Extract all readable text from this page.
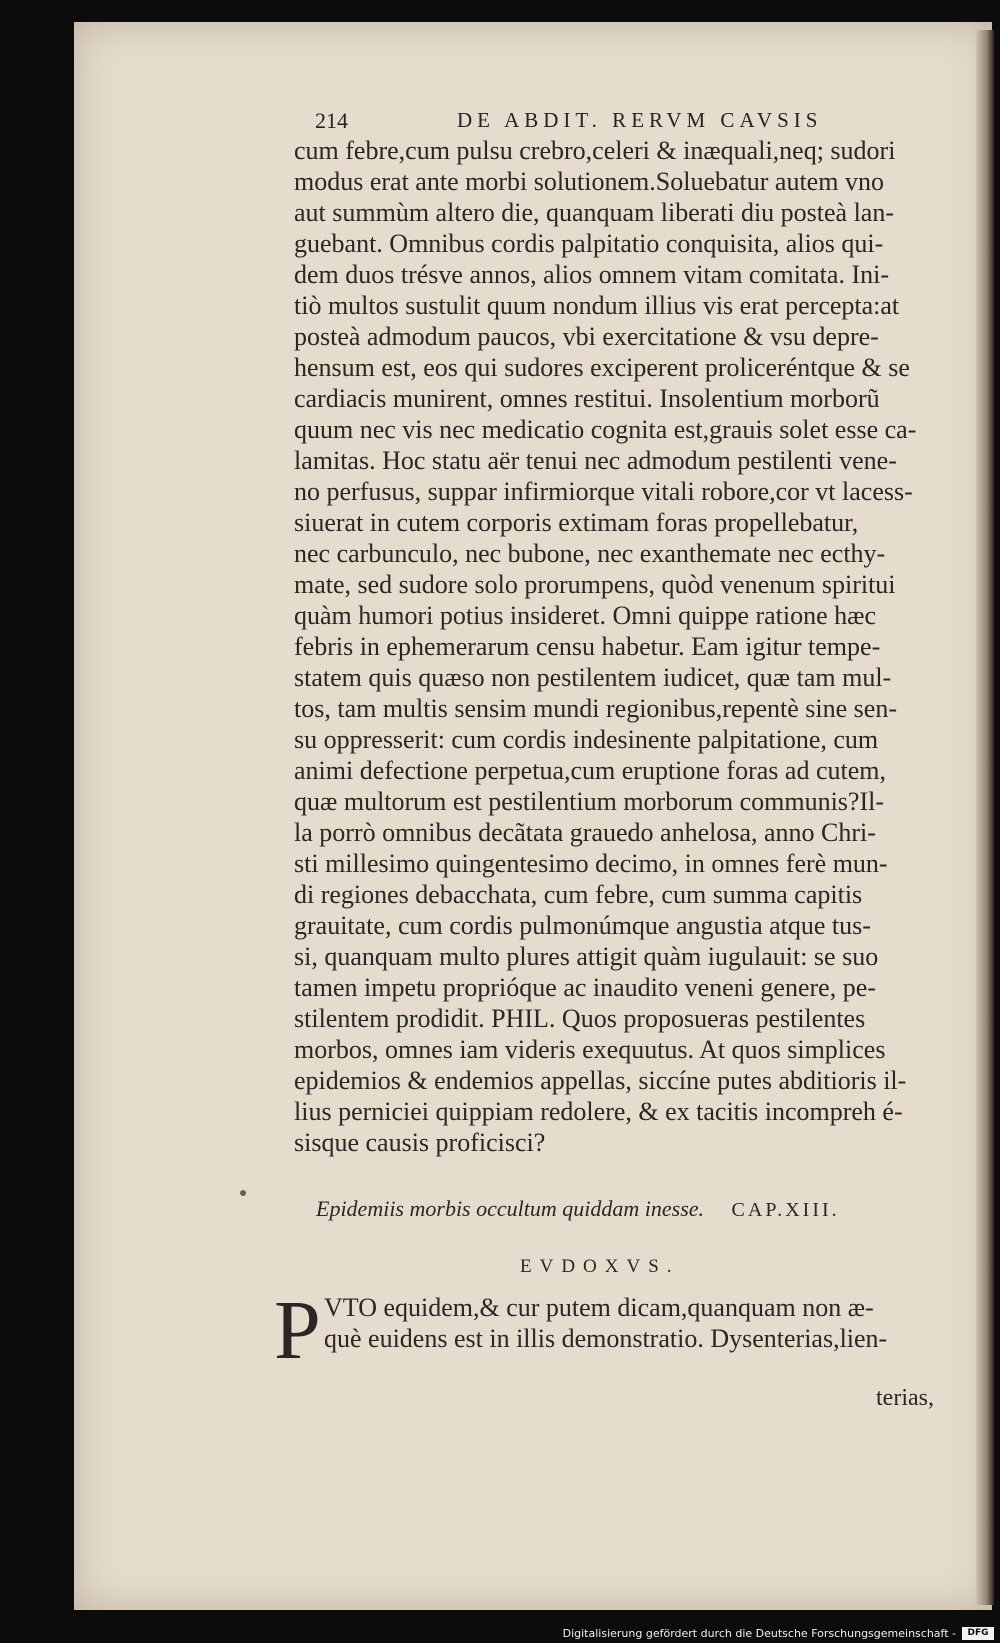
214	DE ABDIT. RERVM CAVSIS
cum febre,cum pulsu crebro,celeri & inæquali,neq; sudori
modus erat ante morbi solutionem.Soluebatur autem vno
aut summùm altero die, quanquam liberati diu posteà lan-
guebant. Omnibus cordis palpitatio conquisita, alios qui-
dem duos trésve annos, alios omnem vitam comitata. Ini-
tiò multos sustulit quum nondum illius vis erat percepta:at
posteà admodum paucos, vbi exercitatione & vsu depre-
hensum est, eos qui sudores exciperent proliceréntque & se
cardiacis munirent, omnes restitui. Insolentium morborũ
quum nec vis nec medicatio cognita est,grauis solet esse ca-
lamitas. Hoc statu aër tenui nec admodum pestilenti vene-
no perfusus, suppar infirmiorque vitali robore,cor vt lacess-
siuerat in cutem corporis extimam foras propellebatur,
nec carbunculo, nec bubone, nec exanthemate nec ecthy-
mate, sed sudore solo prorumpens, quòd venenum spiritui
quàm humori potius insideret. Omni quippe ratione hæc
febris in ephemerarum censu habetur. Eam igitur tempe-
statem quis quæso non pestilentem iudicet, quæ tam mul-
tos, tam multis sensim mundi regionibus,repentè sine sen-
su oppresserit: cum cordis indesinente palpitatione, cum
animi defectione perpetua,cum eruptione foras ad cutem,
quæ multorum est pestilentium morborum communis?Il-
la porrò omnibus decãtata grauedo anhelosa, anno Chri-
sti millesimo quingentesimo decimo, in omnes ferè mun-
di regiones debacchata, cum febre, cum summa capitis
grauitate, cum cordis pulmonúmque angustia atque tus-
si, quanquam multo plures attigit quàm iugulauit: se suo
tamen impetu proprióque ac inaudito veneni genere, pe-
stilentem prodidit. PHIL. Quos proposueras pestilentes
morbos, omnes iam videris exequutus. At quos simplices
epidemios & endemios appellas, siccíne putes abditioris il-
lius perniciei quippiam redolere, & ex tacitis incompreh é-
sisque causis proficisci?
Epidemiis morbis occultum quiddam inesse. CAP.XIII.
EVDOXVS.
P VTO equidem,& cur putem dicam,quanquam non æ-
què euidens est in illis demonstratio. Dysenterias,lien-
terias,
Digitalisierung gefördert durch die Deutsche Forschungsgemeinschaft -	DFG
